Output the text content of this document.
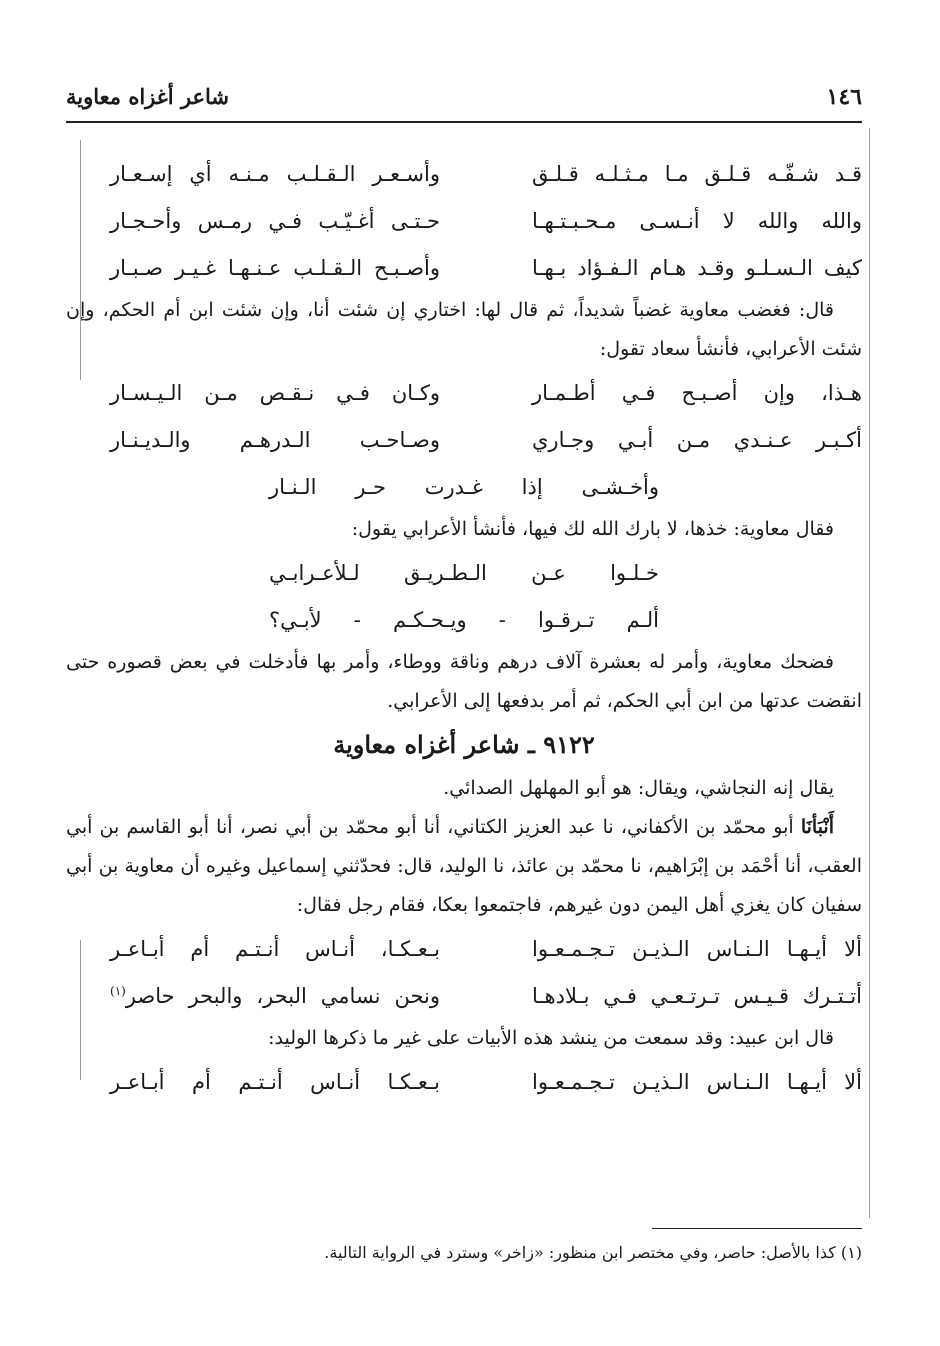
١٤٦
شاعر أغزاه معاوية
قـد شـفّـه قـلـق مـا مـثـلـه قـلـق
وأسـعـر الـقـلـب مـنـه أي إسـعـار
والله والله لا أنـسـى مـحـبـتـهـا
حـتـى أغـيّـب فـي رمـس وأحـجـار
كيف الـسـلـو وقـد هـام الـفـؤاد بـهـا
وأصـبـح الـقـلـب عـنـهـا غـيـر صـبـار
قال: فغضب معاوية غضباً شديداً، ثم قال لها: اختاري إن شئت أنا، وإن شئت ابن أم الحكم، وإن شئت الأعرابي، فأنشأ سعاد تقول:
هـذا، وإن أصـبـح فـي أطـمـار
وكـان فـي نـقـص مـن الـيـسـار
أكـبـر عـنـدي مـن أبـي وجـاري
وصـاحـب الـدرهـم والـديـنـار
وأخـشـى إذا غـدرت حـر الـنـار
فقال معاوية: خذها، لا بارك الله لك فيها، فأنشأ الأعرابي يقول:
خـلـوا عـن الـطـريـق لـلأعـرابـي
ألـم تـرقـوا - ويـحـكـم - لأبـي؟
فضحك معاوية، وأمر له بعشرة آلاف درهم وناقة ووطاء، وأمر بها فأدخلت في بعض قصوره حتى انقضت عدتها من ابن أبي الحكم، ثم أمر بدفعها إلى الأعرابي.
٩١٢٢ ـ شاعر أغزاه معاوية
يقال إنه النجاشي، ويقال: هو أبو المهلهل الصدائي.
أَنْبَأنَا أبو محمّد بن الأكفاني، نا عبد العزيز الكتاني، أنا أبو محمّد بن أبي نصر، أنا أبو القاسم بن أبي العقب، أنا أحْمَد بن إبْرَاهيم، نا محمّد بن عائذ، نا الوليد، قال: فحدّثني إسماعيل وغيره أن معاوية بن أبي سفيان كان يغزي أهل اليمن دون غيرهم، فاجتمعوا بعكا، فقام رجل فقال:
ألا أيـهـا الـنـاس الـذيـن تـجـمـعـوا
بـعـكـا، أنـاس أنـتـم أم أبـاعـر
أتـتـرك قـيـس تـرتـعـي فـي بـلادهـا
ونحن نسامي البحر، والبحر حاصر$^{(١)}$
قال ابن عبيد: وقد سمعت من ينشد هذه الأبيات على غير ما ذكرها الوليد:
ألا أيـهـا الـنـاس الـذيـن تـجـمـعـوا
بـعـكـا أنـاس أنـتـم أم أبـاعـر
(١) كذا بالأصل: حاصر، وفي مختصر ابن منظور: «زاخر» وسترد في الرواية التالية.
